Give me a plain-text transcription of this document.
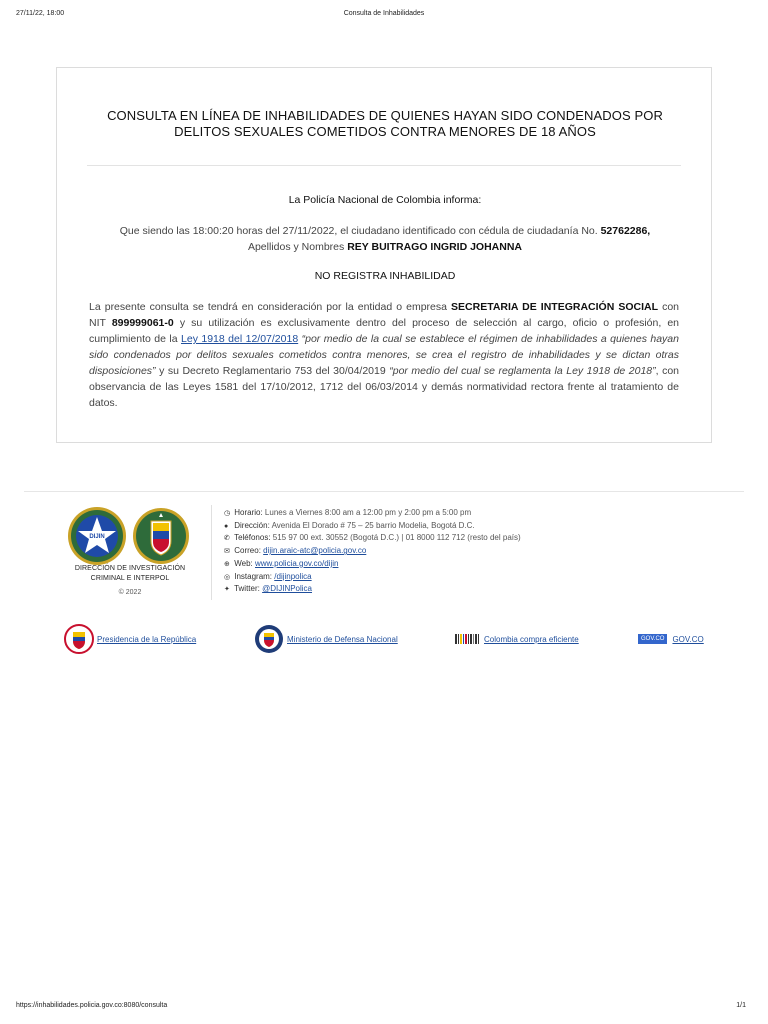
27/11/22, 18:00	Consulta de Inhabilidades
CONSULTA EN LÍNEA DE INHABILIDADES DE QUIENES HAYAN SIDO CONDENADOS POR DELITOS SEXUALES COMETIDOS CONTRA MENORES DE 18 AÑOS
La Policía Nacional de Colombia informa:
Que siendo las 18:00:20 horas del 27/11/2022, el ciudadano identificado con cédula de ciudadanía No. 52762286,
Apellidos y Nombres REY BUITRAGO INGRID JOHANNA
NO REGISTRA INHABILIDAD
La presente consulta se tendrá en consideración por la entidad o empresa SECRETARIA DE INTEGRACIÓN SOCIAL con NIT 899999061-0 y su utilización es exclusivamente dentro del proceso de selección al cargo, oficio o profesión, en cumplimiento de la Ley 1918 del 12/07/2018 “por medio de la cual se establece el régimen de inhabilidades a quienes hayan sido condenados por delitos sexuales cometidos contra menores, se crea el registro de inhabilidades y se dictan otras disposiciones” y su Decreto Reglamentario 753 del 30/04/2019 “por medio del cual se reglamenta la Ley 1918 de 2018”, con observancia de las Leyes 1581 del 17/10/2012, 1712 del 06/03/2014 y demás normatividad rectora frente al tratamiento de datos.
DIJIN
DIRECCIÓN DE INVESTIGACIÓN
CRIMINAL E INTERPOL
© 2022
◷ Horario: Lunes a Viernes 8:00 am a 12:00 pm y 2:00 pm a 5:00 pm
● Dirección: Avenida El Dorado # 75 – 25 barrio Modelia, Bogotá D.C.
✆ Teléfonos: 515 97 00 ext. 30552 (Bogotá D.C.) | 01 8000 112 712 (resto del país)
✉ Correo: dijin.araic-atc@policia.gov.co
⊕ Web: www.policia.gov.co/dijin
◎ Instagram: /dijinpolica
✦ Twitter: @DIJINPolica
Presidencia de la República	Ministerio de Defensa Nacional	Colombia compra eficiente	GOV.CO	GOV.CO
https://inhabilidades.policia.gov.co:8080/consulta	1/1
